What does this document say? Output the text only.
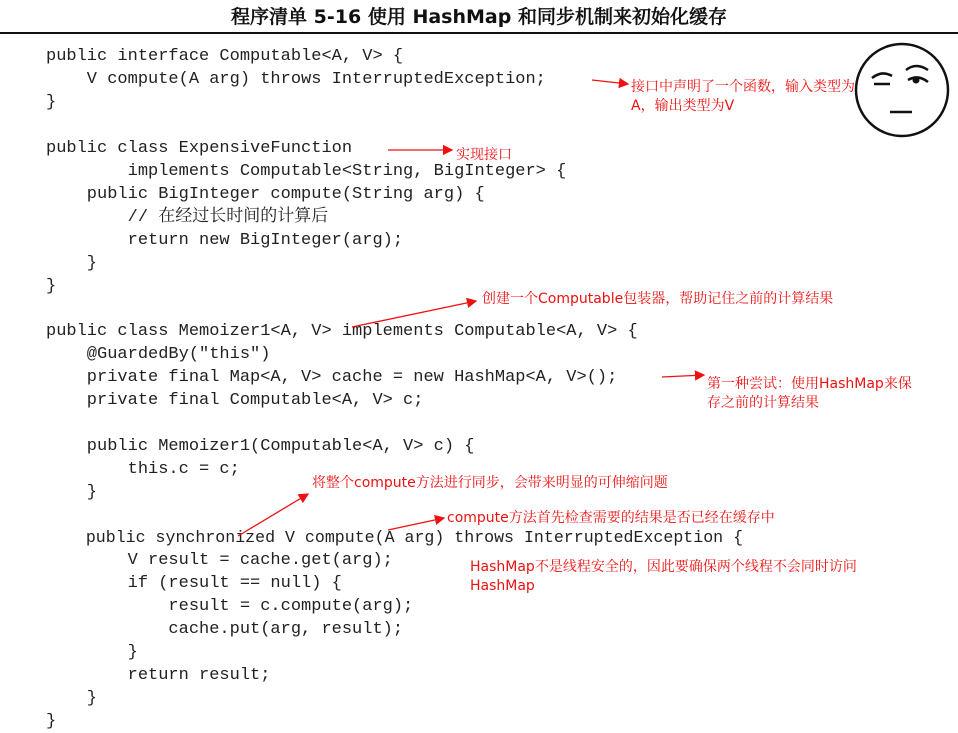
程序清单 5-16 使用 HashMap 和同步机制来初始化缓存
public interface Computable<A, V> {
V compute(A arg) throws InterruptedException;
}
public class ExpensiveFunction
implements Computable<String, BigInteger> {
public BigInteger compute(String arg) {
// 在经过长时间的计算后
return new BigInteger(arg);
}
}
public class Memoizer1<A, V> implements Computable<A, V> {
@GuardedBy("this")
private final Map<A, V> cache = new HashMap<A, V>();
private final Computable<A, V> c;
public Memoizer1(Computable<A, V> c) {
this.c = c;
}
public synchronized V compute(A arg) throws InterruptedException {
V result = cache.get(arg);
if (result == null) {
result = c.compute(arg);
cache.put(arg, result);
}
return result;
}
}
接口中声明了一个函数，输入类型为
A，输出类型为V
实现接口
创建一个Computable包装器，帮助记住之前的计算结果
第一种尝试：使用HashMap来保
存之前的计算结果
将整个compute方法进行同步，会带来明显的可伸缩问题
compute方法首先检查需要的结果是否已经在缓存中
HashMap不是线程安全的，因此要确保两个线程不会同时访问
HashMap
